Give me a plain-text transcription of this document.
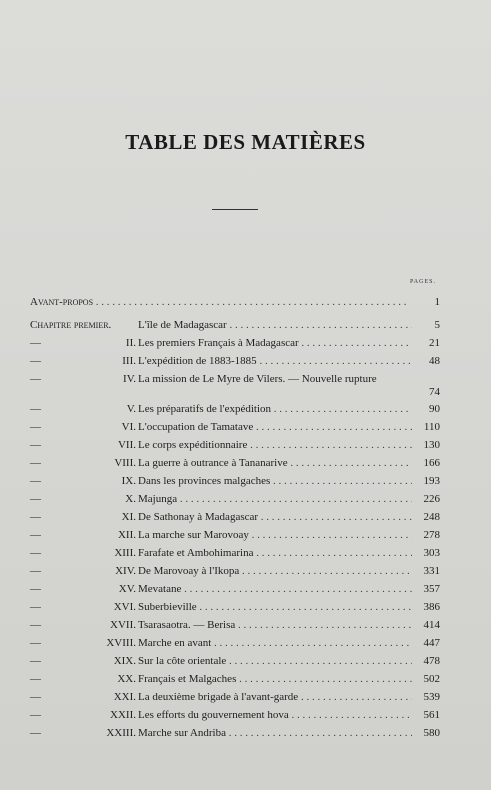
TABLE DES MATIÈRES
PAGES.
Avant-propos . . .	1
Chapitre premier. L'île de Madagascar . . .	5
—	II. Les premiers Français à Madagascar . . .	21
—	III. L'expédition de 1883-1885 . . .	48
—	IV. La mission de Le Myre de Vilers. — Nouvelle rupture
74
—	V. Les préparatifs de l'expédition . . .	90
—	VI. L'occupation de Tamatave . . .	110
—	VII. Le corps expéditionnaire . . .	130
—	VIII. La guerre à outrance à Tananarive . . .	166
—	IX. Dans les provinces malgaches . . .	193
—	X. Majunga . . .	226
—	XI. De Sathonay à Madagascar . . .	248
—	XII. La marche sur Marovoay . . .	278
—	XIII. Farafate et Ambohimarina . . .	303
—	XIV. De Marovoay à l'Ikopa . . .	331
—	XV. Mevatane . . .	357
—	XVI. Suberbieville . . .	386
—	XVII. Tsarasaotra. — Berisa . . .	414
—	XVIII. Marche en avant . . .	447
—	XIX. Sur la côte orientale . . .	478
—	XX. Français et Malgaches . . .	502
—	XXI. La deuxième brigade à l'avant-garde . . .	539
—	XXII. Les efforts du gouvernement hova . . .	561
—	XXIII. Marche sur Andriba . . .	580
